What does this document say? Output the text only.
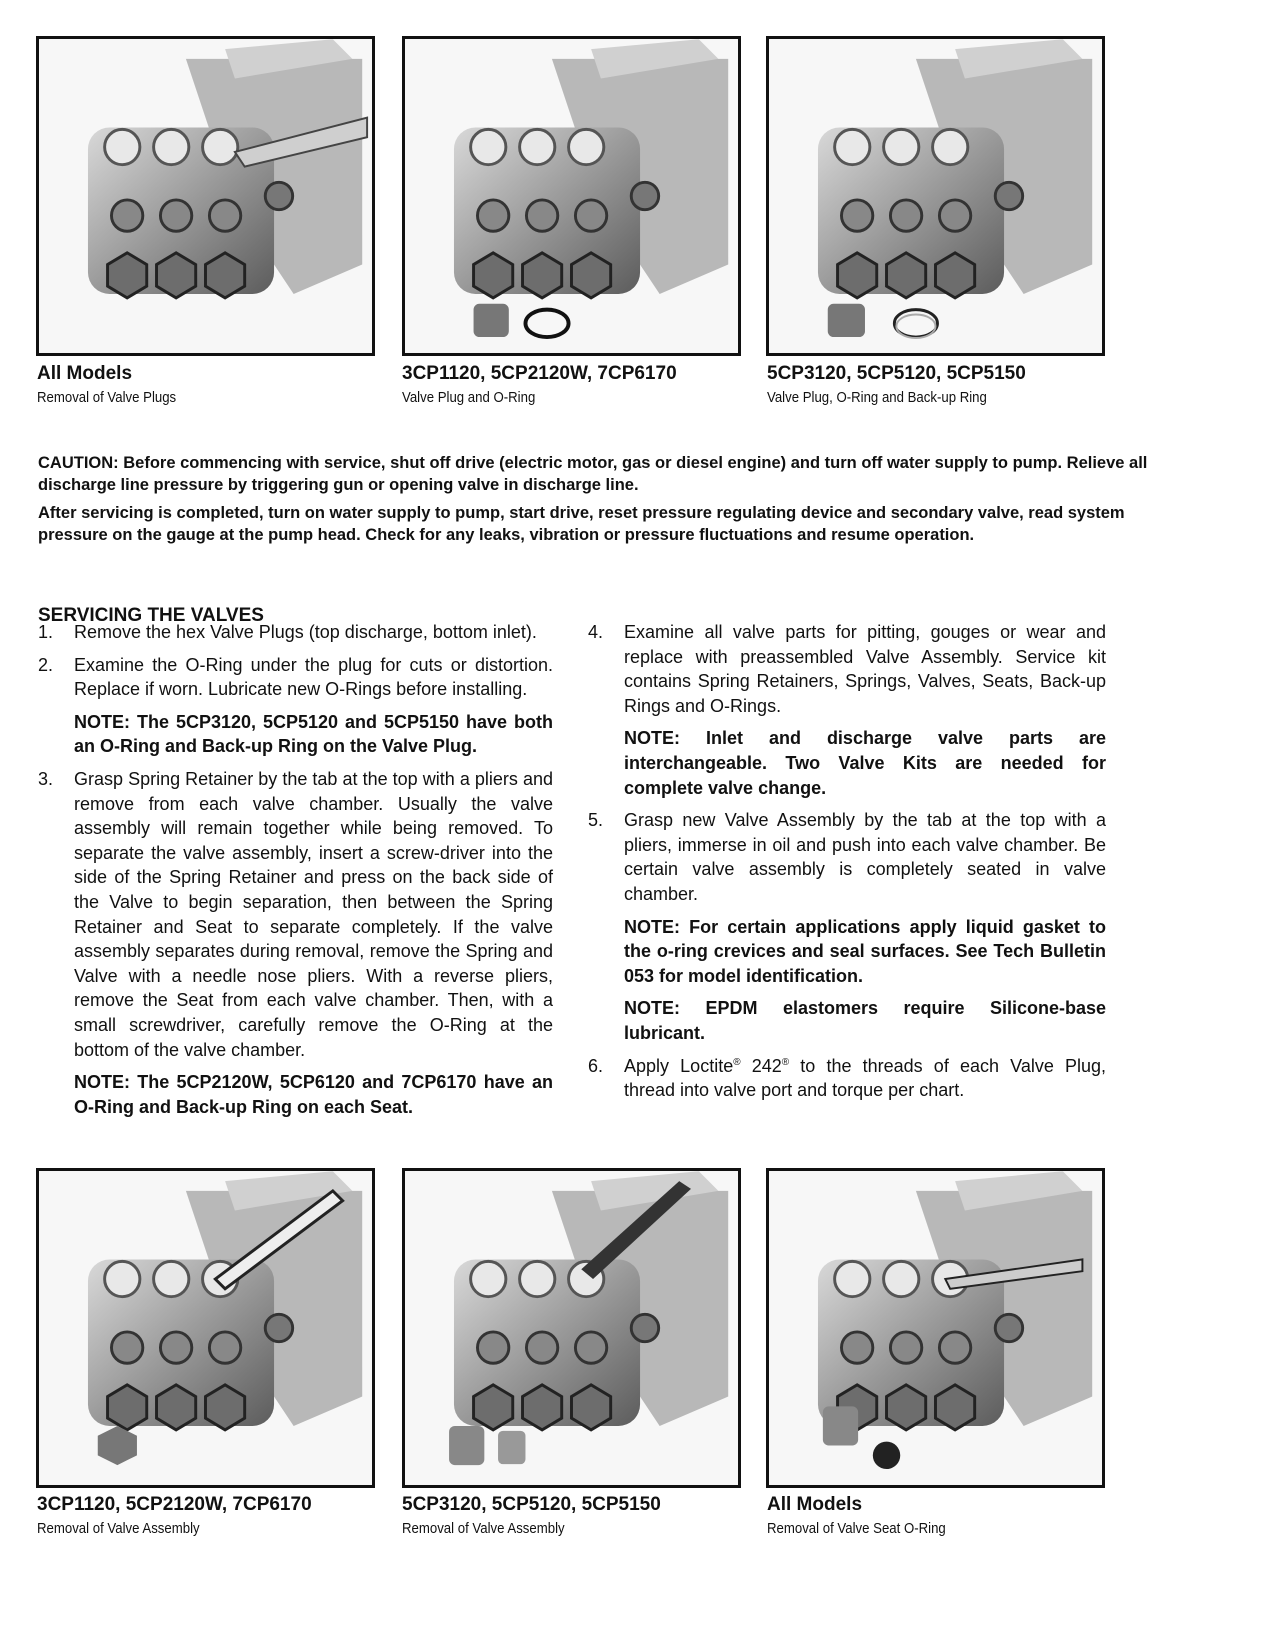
All Models
Removal of Valve Plugs
3CP1120, 5CP2120W, 7CP6170
Valve Plug and O-Ring
5CP3120, 5CP5120, 5CP5150
Valve Plug, O-Ring and Back-up Ring
CAUTION: Before commencing with service, shut off drive (electric motor, gas or diesel engine) and turn off water supply to pump. Relieve all discharge line pressure by triggering gun or opening valve in discharge line.
After servicing is completed, turn on water supply to pump, start drive, reset pressure regulating device and secondary valve, read system pressure on the gauge at the pump head. Check for any leaks, vibration or pressure fluctuations and resume operation.
SERVICING THE VALVES
1.	Remove the hex Valve Plugs (top discharge, bottom inlet).
2.	Examine the O-Ring under the plug for cuts or distortion. Replace if worn. Lubricate new O-Rings before installing.
NOTE: The 5CP3120, 5CP5120 and 5CP5150 have both an O-Ring and Back-up Ring on the Valve Plug.
3.	Grasp Spring Retainer by the tab at the top with a pliers and remove from each valve chamber. Usually the valve assembly will remain together while being removed. To separate the valve assembly, insert a screw-driver into the side of the Spring Retainer and press on the back side of the Valve to begin separation, then between the Spring Retainer and Seat to separate completely. If the valve assembly separates during removal, remove the Spring and Valve with a needle nose pliers. With a reverse pliers, remove the Seat from each valve chamber. Then, with a small screwdriver, carefully remove the O-Ring at the bottom of the valve chamber.
NOTE: The 5CP2120W, 5CP6120 and 7CP6170 have an O-Ring and Back-up Ring on each Seat.
4.	Examine all valve parts for pitting, gouges or wear and replace with preassembled Valve Assembly. Service kit contains Spring Retainers, Springs, Valves, Seats, Back-up Rings and O-Rings.
NOTE: Inlet and discharge valve parts are interchangeable. Two Valve Kits are needed for complete valve change.
5.	Grasp new Valve Assembly by the tab at the top with a pliers, immerse in oil and push into each valve chamber. Be certain valve assembly is completely seated in valve chamber.
NOTE: For certain applications apply liquid gasket to the o-ring crevices and seal surfaces. See Tech Bulletin 053 for model identification.
NOTE: EPDM elastomers require Silicone-base lubricant.
6.	Apply Loctite® 242® to the threads of each Valve Plug, thread into valve port and torque per chart.
3CP1120, 5CP2120W, 7CP6170
Removal of Valve Assembly
5CP3120, 5CP5120, 5CP5150
Removal of Valve Assembly
All Models
Removal of Valve Seat O-Ring
